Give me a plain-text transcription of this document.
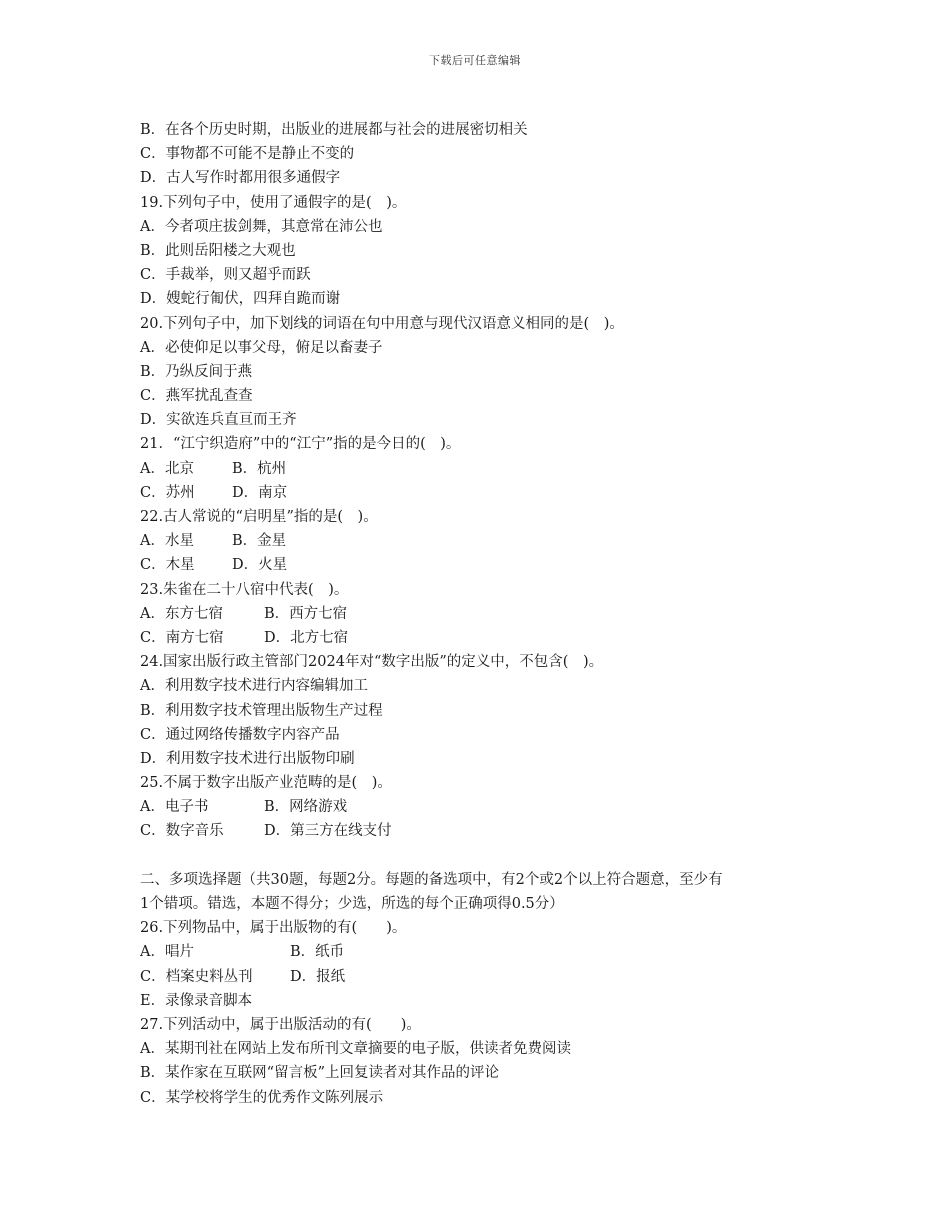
下载后可任意编辑
B．在各个历史时期，出版业的进展都与社会的进展密切相关
C．事物都不可能不是静止不变的
D．古人写作时都用很多通假字
19.下列句子中，使用了通假字的是(　)。
A．今者项庄拔剑舞，其意常在沛公也
B．此则岳阳楼之大观也
C．手裁举，则又超乎而跃
D．嫂蛇行匍伏，四拜自跪而谢
20.下列句子中，加下划线的词语在句中用意与现代汉语意义相同的是(　)。
A．必使仰足以事父母，俯足以畜妻子
B．乃纵反间于燕
C．燕军扰乱查查
D．实欲连兵直亘而王齐
21．“江宁织造府”中的“江宁”指的是今日的(　)。
A．北京	B．杭州
C．苏州	D．南京
22.古人常说的“启明星”指的是(　)。
A．水星	B．金星
C．木星	D．火星
23.朱雀在二十八宿中代表(　)。
A．东方七宿	B．西方七宿
C．南方七宿	D．北方七宿
24.国家出版行政主管部门2024年对“数字出版”的定义中，不包含(　)。
A．利用数字技术进行内容编辑加工
B．利用数字技术管理出版物生产过程
C．通过网络传播数字内容产品
D．利用数字技术进行出版物印刷
25.不属于数字出版产业范畴的是(　)。
A．电子书	B．网络游戏
C．数字音乐	D．第三方在线支付
二、多项选择题（共30题，每题2分。每题的备选项中，有2个或2个以上符合题意，至少有
1个错项。错选，本题不得分；少选，所选的每个正确项得0.5分）
26.下列物品中，属于出版物的有(　　)。
A．唱片	B．纸币
C．档案史料丛刊	D．报纸
E．录像录音脚本
27.下列活动中，属于出版活动的有(　　)。
A．某期刊社在网站上发布所刊文章摘要的电子版，供读者免费阅读
B．某作家在互联网“留言板”上回复读者对其作品的评论
C．某学校将学生的优秀作文陈列展示
